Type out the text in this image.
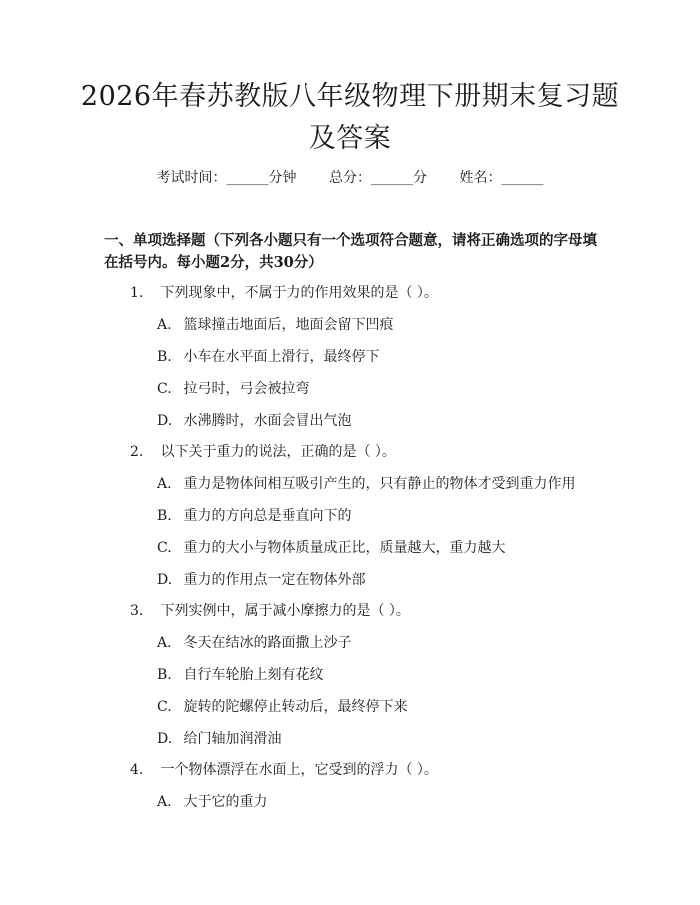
2026年春苏教版八年级物理下册期末复习题及答案
考试时间：______分钟 总分：______分 姓名：______
一、单项选择题（下列各小题只有一个选项符合题意，请将正确选项的字母填在括号内。每小题2分，共30分）
1. 下列现象中，不属于力的作用效果的是（ ）。
A. 篮球撞击地面后，地面会留下凹痕
B. 小车在水平面上滑行，最终停下
C. 拉弓时，弓会被拉弯
D. 水沸腾时，水面会冒出气泡
2. 以下关于重力的说法，正确的是（ ）。
A. 重力是物体间相互吸引产生的，只有静止的物体才受到重力作用
B. 重力的方向总是垂直向下的
C. 重力的大小与物体质量成正比，质量越大，重力越大
D. 重力的作用点一定在物体外部
3. 下列实例中，属于减小摩擦力的是（ ）。
A. 冬天在结冰的路面撒上沙子
B. 自行车轮胎上刻有花纹
C. 旋转的陀螺停止转动后，最终停下来
D. 给门轴加润滑油
4. 一个物体漂浮在水面上，它受到的浮力（ ）。
A. 大于它的重力
